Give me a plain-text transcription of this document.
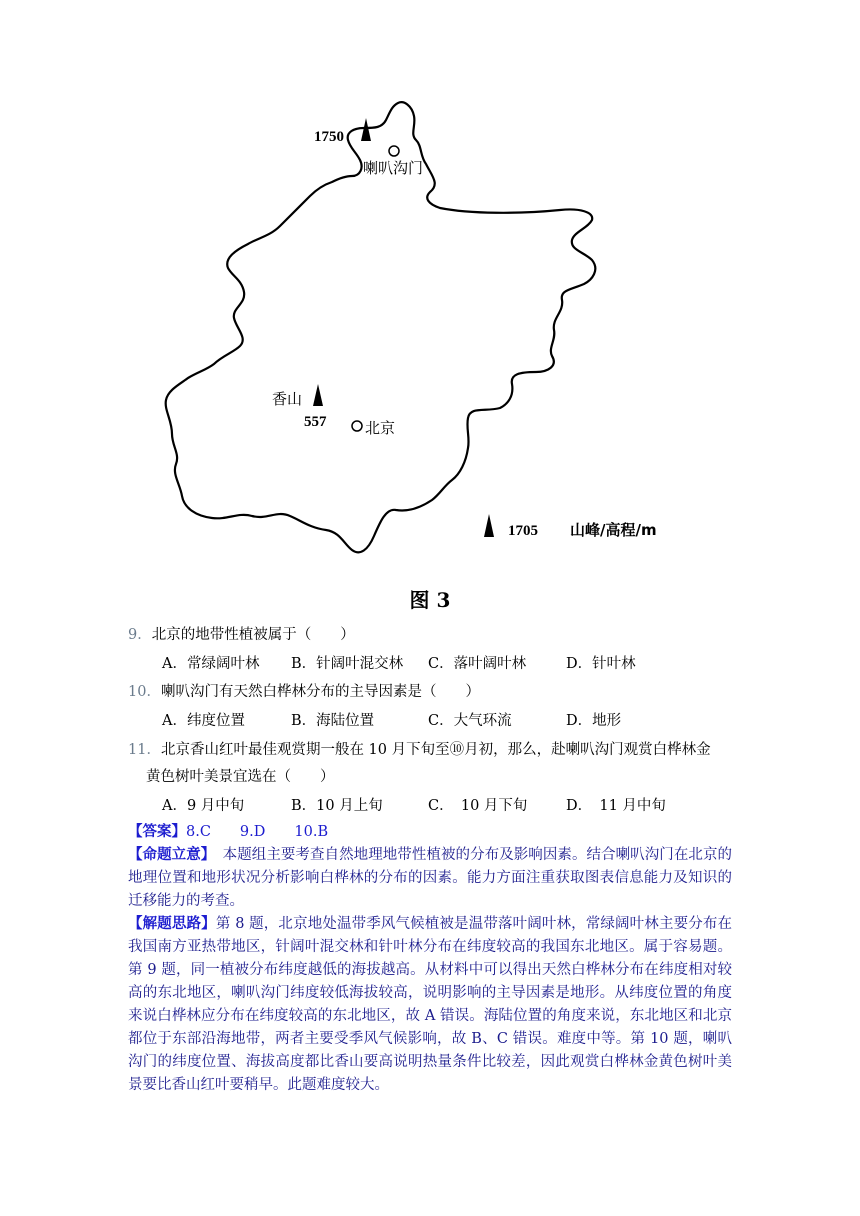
1750
喇叭沟门
香山
557	北京
1705 山峰/高程/m
图 3
9．北京的地带性植被属于（　　）
A．常绿阔叶林 B．针阔叶混交林 C．落叶阔叶林	D．针叶林
10．喇叭沟门有天然白桦林分布的主导因素是（　　）
A．纬度位置	B．海陆位置	C．大气环流	D．地形
11．北京香山红叶最佳观赏期一般在 10 月下旬至⑩月初，那么，赴喇叭沟门观赏白桦林金
黄色树叶美景宜选在（　　）
A．9 月中旬	B．10 月上旬	C．　10 月下旬	D．　11 月中旬
【答案】8.C　　9.D　　10.B
【命题立意】　本题组主要考查自然地理地带性植被的分布及影响因素。结合喇叭沟门在北京的地理位置和地形状况分析影响白桦林的分布的因素。能力方面注重获取图表信息能力及知识的迁移能力的考查。
【解题思路】第 8 题，北京地处温带季风气候植被是温带落叶阔叶林，常绿阔叶林主要分布在我国南方亚热带地区，针阔叶混交林和针叶林分布在纬度较高的我国东北地区。属于容易题。第 9 题，同一植被分布纬度越低的海拔越高。从材料中可以得出天然白桦林分布在纬度相对较高的东北地区，喇叭沟门纬度较低海拔较高，说明影响的主导因素是地形。从纬度位置的角度来说白桦林应分布在纬度较高的东北地区，故 A 错误。海陆位置的角度来说，东北地区和北京都位于东部沿海地带，两者主要受季风气候影响，故 B、C 错误。难度中等。第 10 题，喇叭沟门的纬度位置、海拔高度都比香山要高说明热量条件比较差，因此观赏白桦林金黄色树叶美景要比香山红叶要稍早。此题难度较大。
